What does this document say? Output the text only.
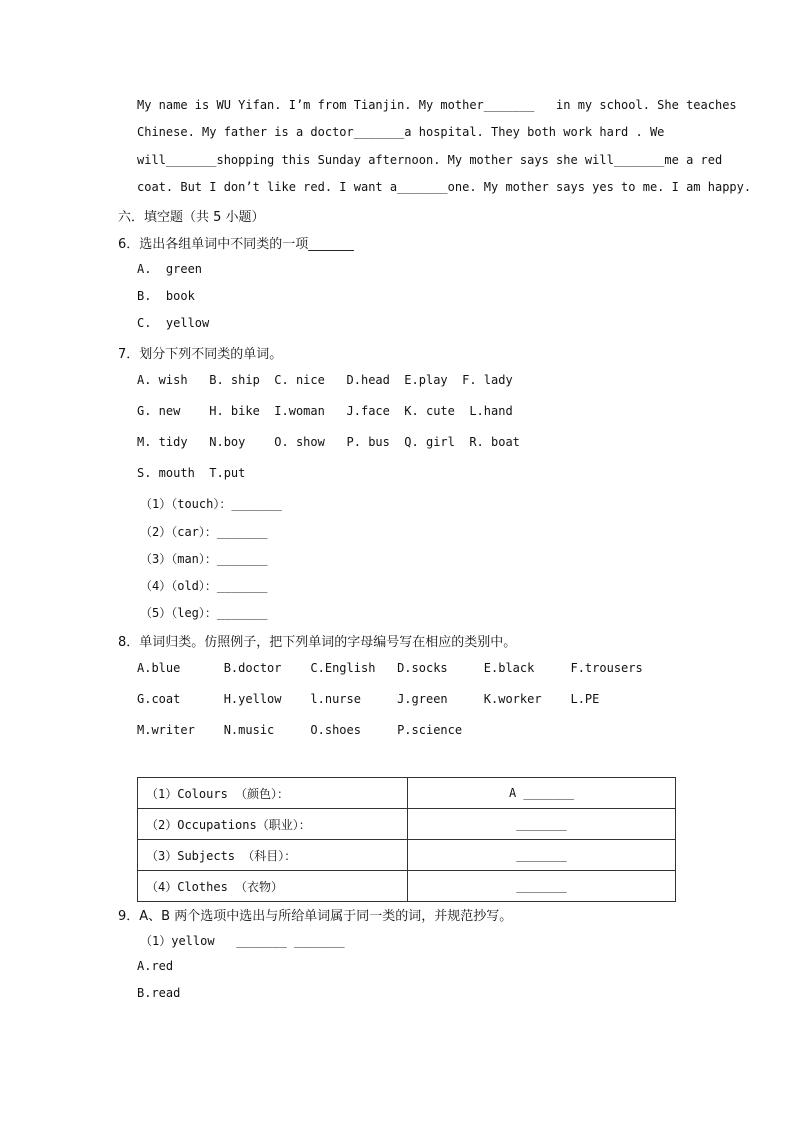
My name is WU Yifan. I’m from Tianjin. My mother_______   in my school. She teaches
Chinese. My father is a doctor_______a hospital. They both work hard . We
will_______shopping this Sunday afternoon. My mother says she will_______me a red
coat. But I don’t like red. I want a_______one. My mother says yes to me. I am happy.
六．填空题（共 5 小题）
6．选出各组单词中不同类的一项_______
A.  green
B.  book
C.  yellow
7．划分下列不同类的单词。
A. wish   B. ship  C. nice   D.head  E.play  F. lady
G. new    H. bike  I.woman   J.face  K. cute  L.hand
M. tidy   N.boy    O. show   P. bus  Q. girl  R. boat
S. mouth  T.put
（1）（touch）：_______
（2）（car）：_______
（3）（man）：_______
（4）（old）：_______
（5）（leg）：_______
8．单词归类。仿照例子，把下列单词的字母编号写在相应的类别中。
A.blue      B.doctor    C.English   D.socks     E.black     F.trousers
G.coat      H.yellow    l.nurse     J.green     K.worker    L.PE
M.writer    N.music     O.shoes     P.science
（1）Colours （颜色）：	A _______
（2）Occupations（职业）：	_______
（3）Subjects （科目）：	_______
（4）Clothes （衣物）	_______
9．A、B 两个选项中选出与所给单词属于同一类的词，并规范抄写。
（1）yellow   _______ _______
A.red
B.read
